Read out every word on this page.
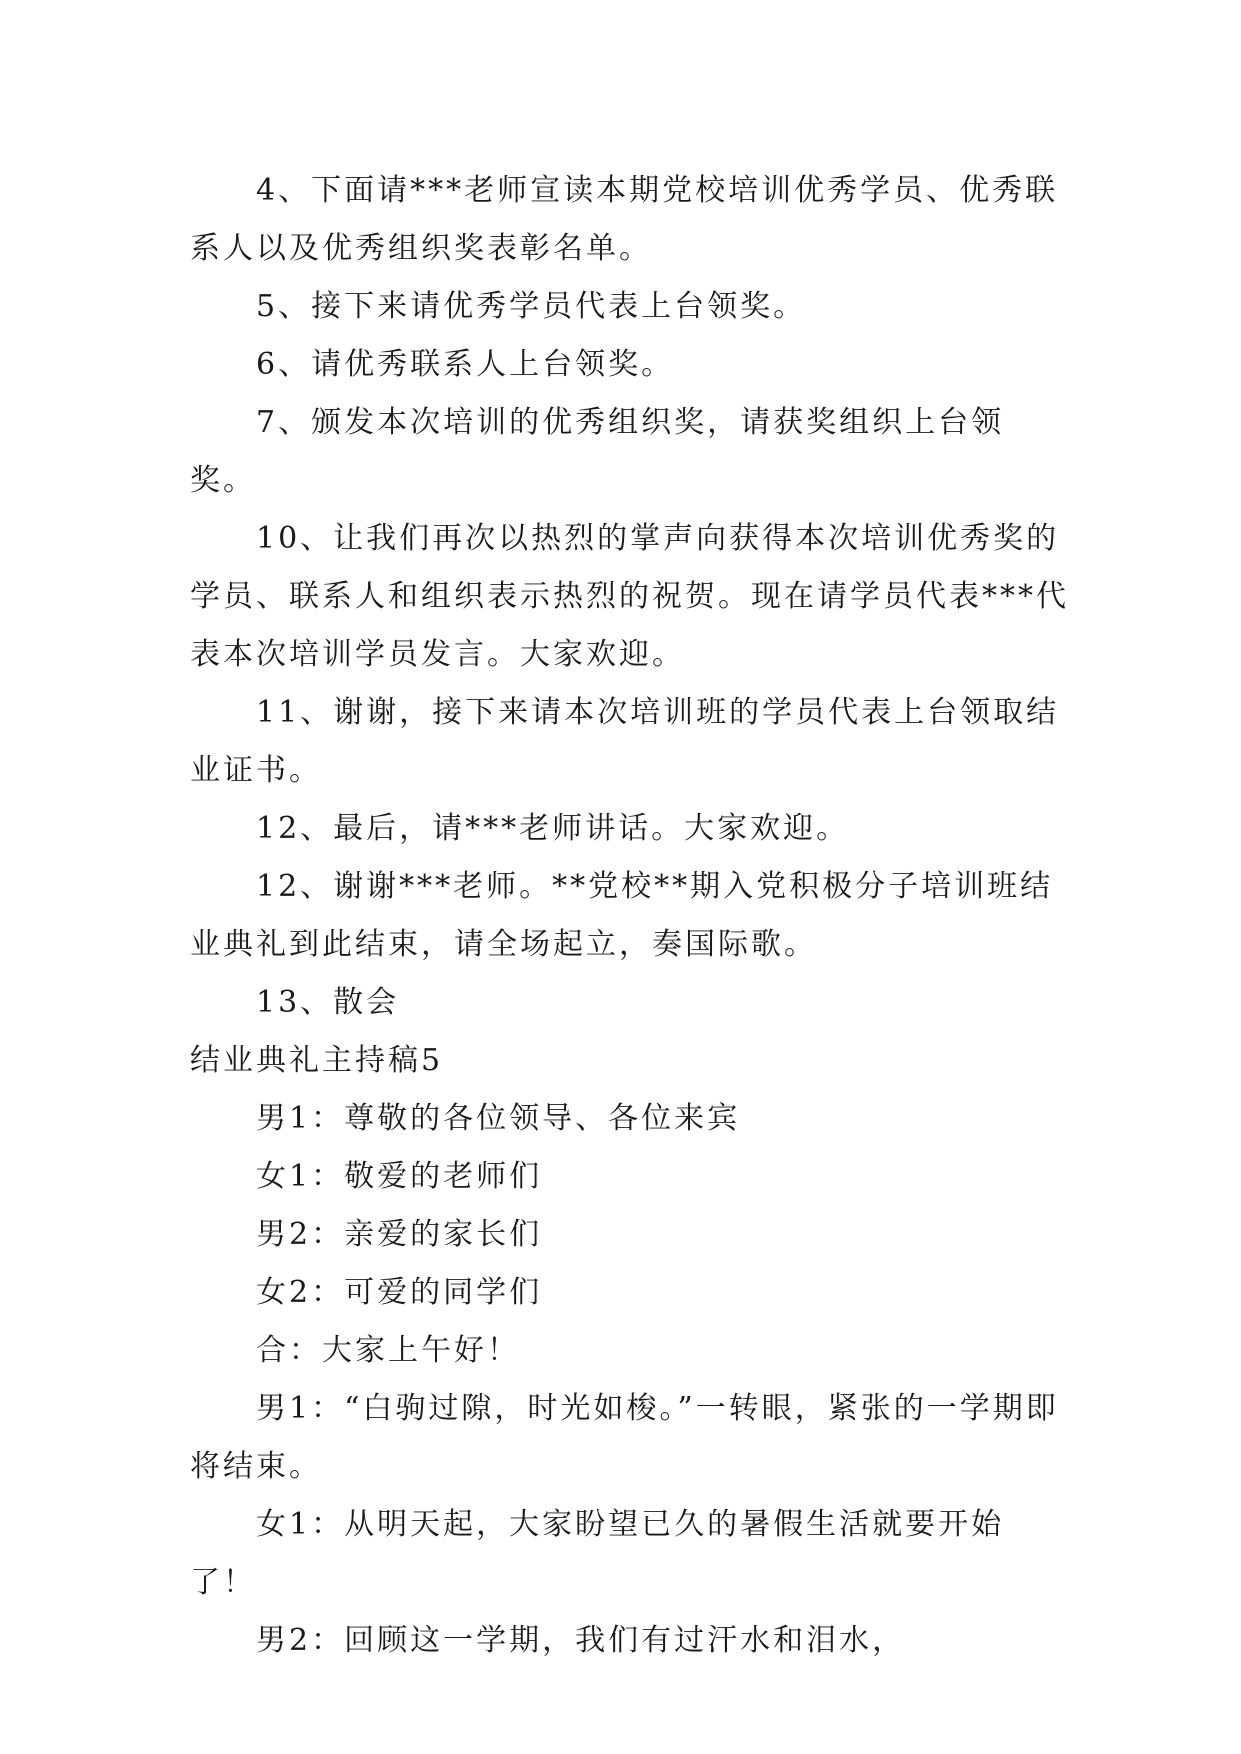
4、下面请***老师宣读本期党校培训优秀学员、优秀联系人以及优秀组织奖表彰名单。

5、接下来请优秀学员代表上台领奖。

6、请优秀联系人上台领奖。

7、颁发本次培训的优秀组织奖，请获奖组织上台领奖。

10、让我们再次以热烈的掌声向获得本次培训优秀奖的学员、联系人和组织表示热烈的祝贺。现在请学员代表***代表本次培训学员发言。大家欢迎。

11、谢谢，接下来请本次培训班的学员代表上台领取结业证书。

12、最后，请***老师讲话。大家欢迎。

12、谢谢***老师。**党校**期入党积极分子培训班结业典礼到此结束，请全场起立，奏国际歌。

13、散会

结业典礼主持稿5

男1：尊敬的各位领导、各位来宾

女1：敬爱的老师们

男2：亲爱的家长们

女2：可爱的同学们

合：大家上午好！

男1：“白驹过隙，时光如梭。”一转眼，紧张的一学期即将结束。

女1：从明天起，大家盼望已久的暑假生活就要开始了！

男2：回顾这一学期，我们有过汗水和泪水，
